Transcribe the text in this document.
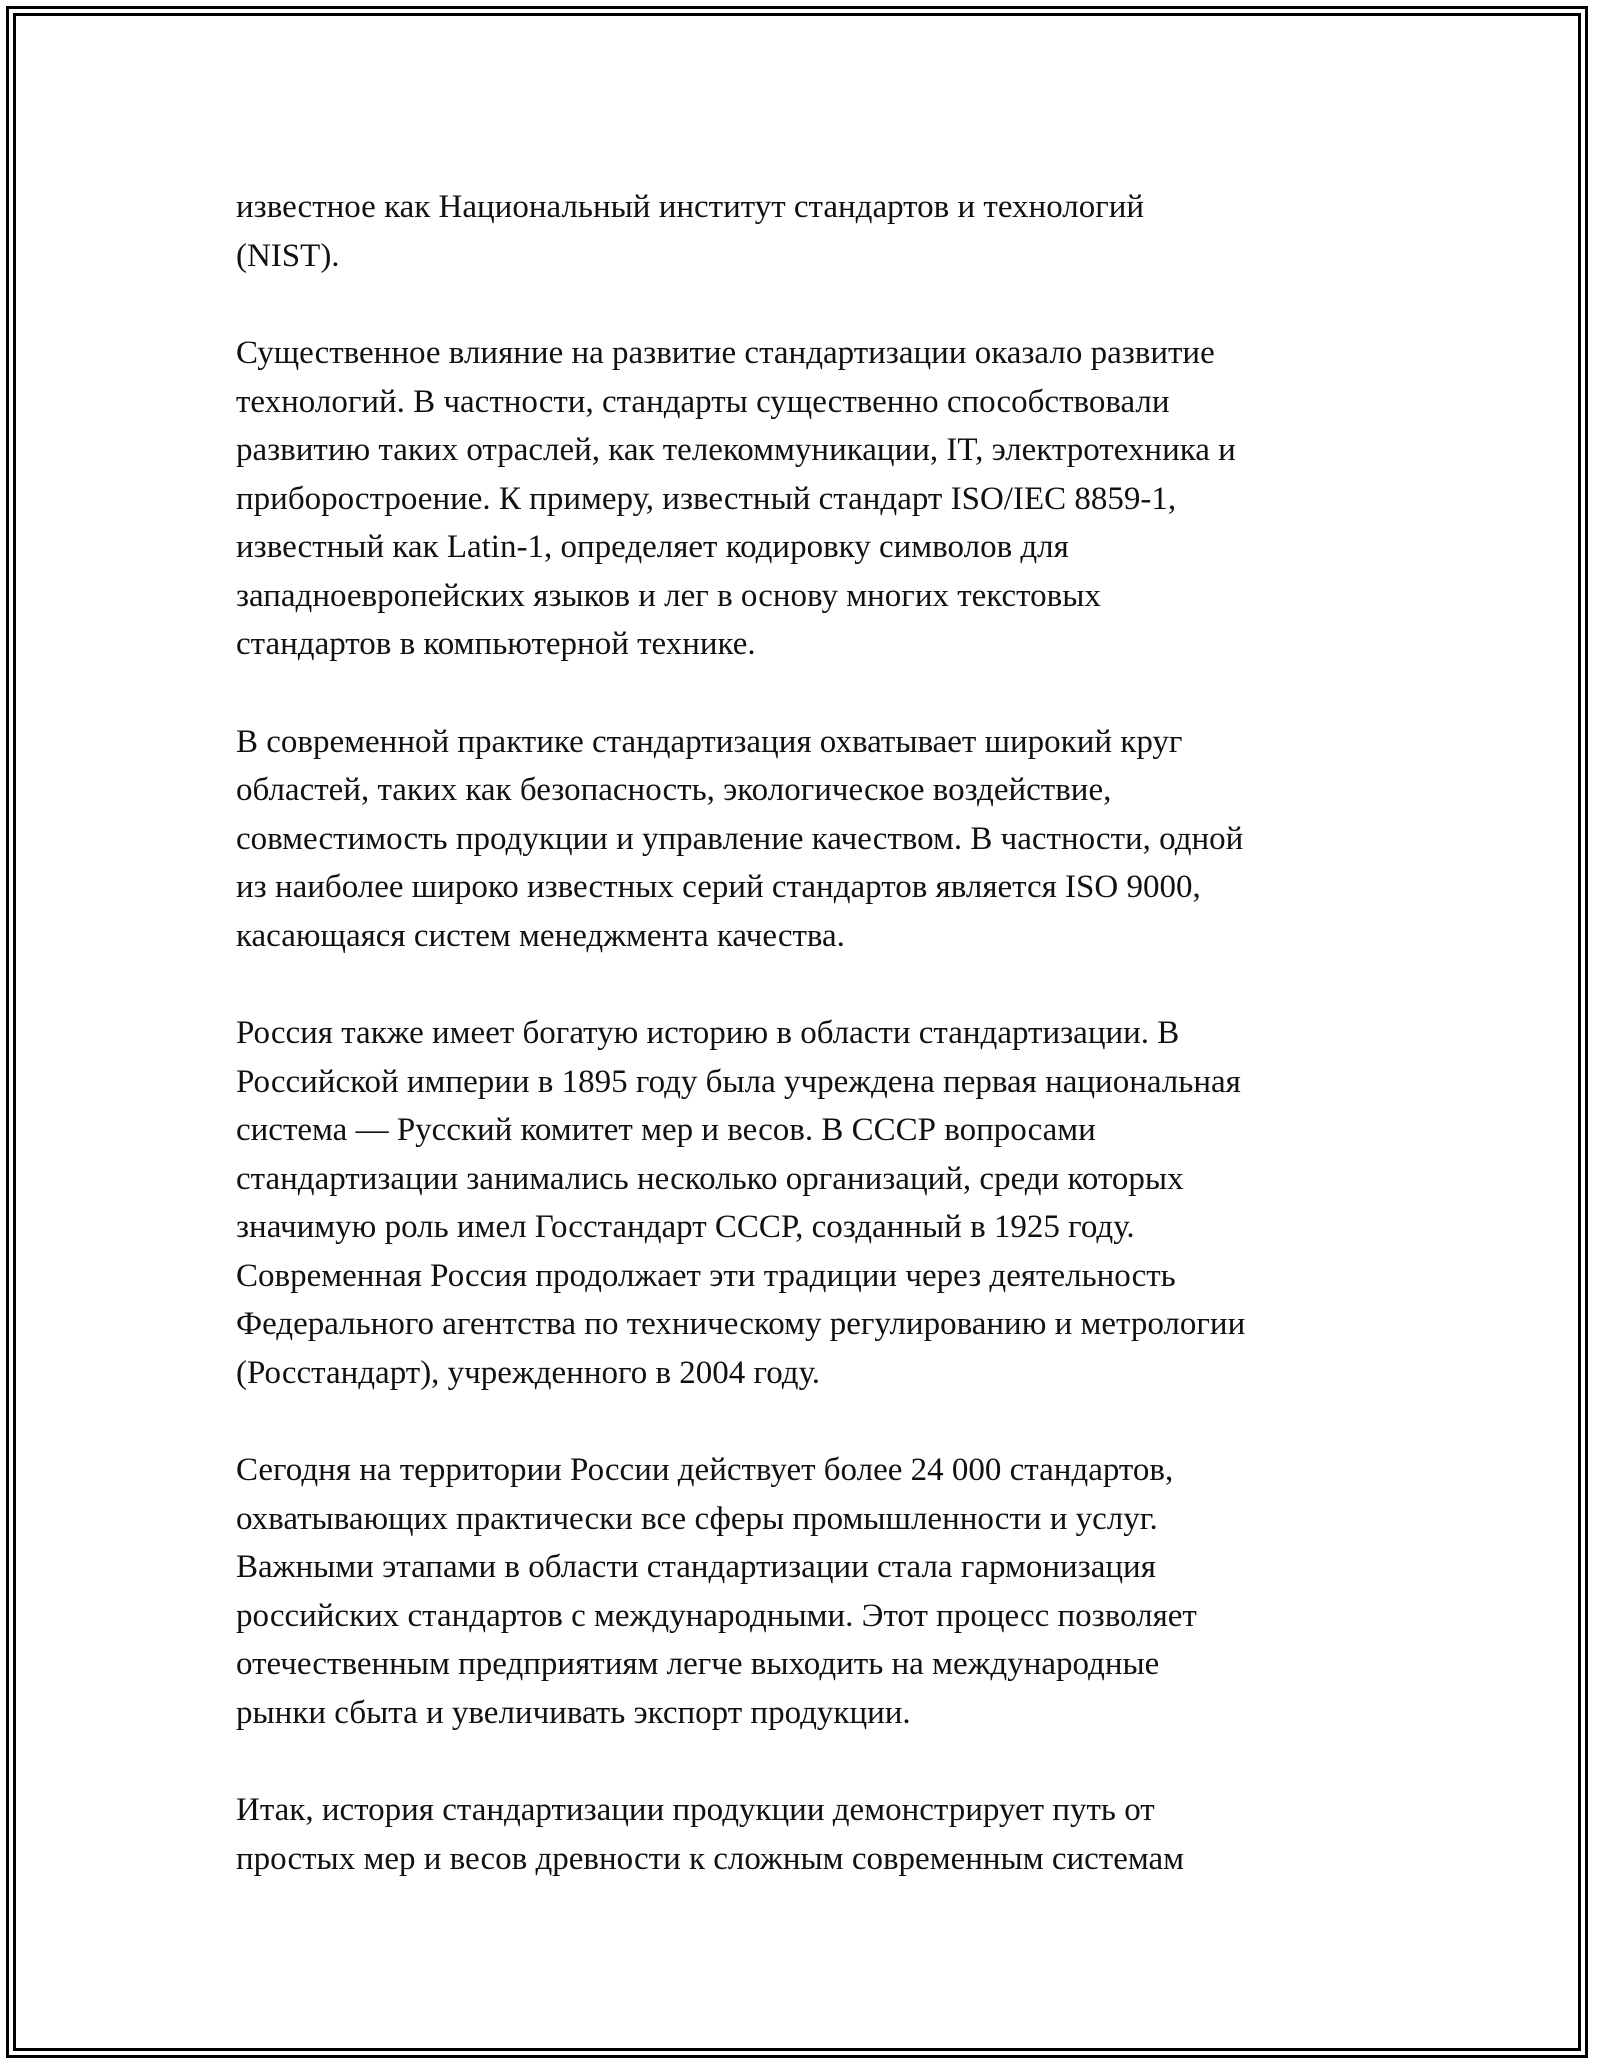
известное как Национальный институт стандартов и технологий
(NIST).

Существенное влияние на развитие стандартизации оказало развитие
технологий. В частности, стандарты существенно способствовали
развитию таких отраслей, как телекоммуникации, IT, электротехника и
приборостроение. К примеру, известный стандарт ISO/IEC 8859-1,
известный как Latin-1, определяет кодировку символов для
западноевропейских языков и лег в основу многих текстовых
стандартов в компьютерной технике.

В современной практике стандартизация охватывает широкий круг
областей, таких как безопасность, экологическое воздействие,
совместимость продукции и управление качеством. В частности, одной
из наиболее широко известных серий стандартов является ISO 9000,
касающаяся систем менеджмента качества.

Россия также имеет богатую историю в области стандартизации. В
Российской империи в 1895 году была учреждена первая национальная
система — Русский комитет мер и весов. В СССР вопросами
стандартизации занимались несколько организаций, среди которых
значимую роль имел Госстандарт СССР, созданный в 1925 году.
Современная Россия продолжает эти традиции через деятельность
Федерального агентства по техническому регулированию и метрологии
(Росстандарт), учрежденного в 2004 году.

Сегодня на территории России действует более 24 000 стандартов,
охватывающих практически все сферы промышленности и услуг.
Важными этапами в области стандартизации стала гармонизация
российских стандартов с международными. Этот процесс позволяет
отечественным предприятиям легче выходить на международные
рынки сбыта и увеличивать экспорт продукции.

Итак, история стандартизации продукции демонстрирует путь от
простых мер и весов древности к сложным современным системам
